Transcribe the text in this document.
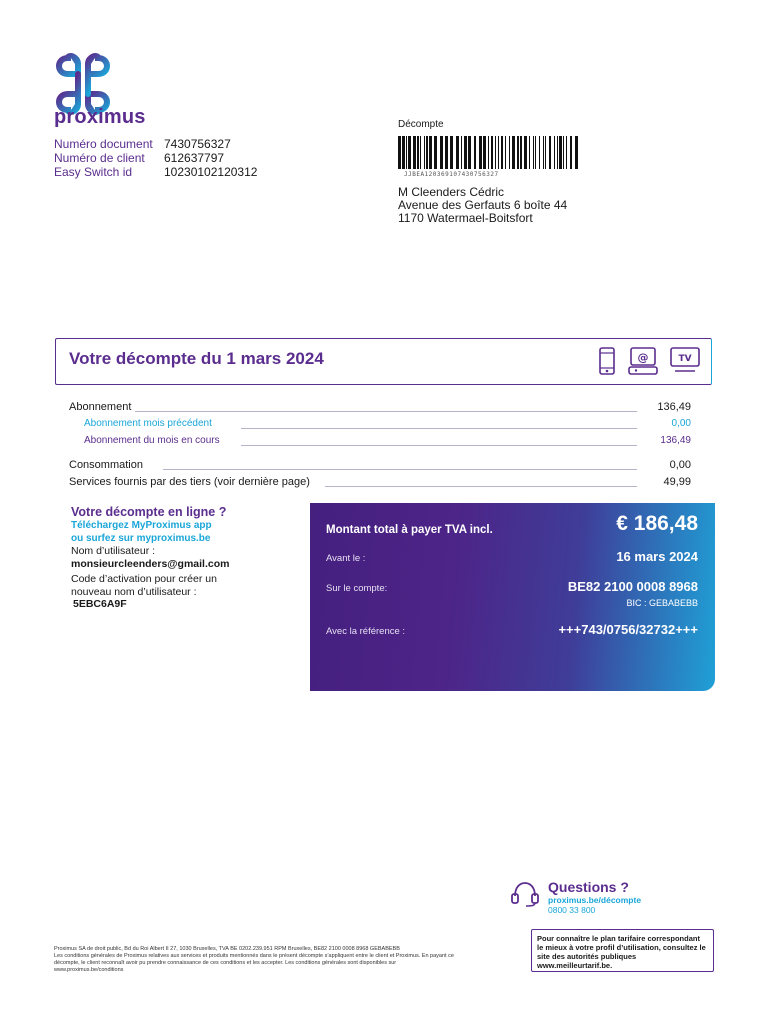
proximus
Numéro document 7430756327
Numéro de client	612637797
Easy Switch id	10230102120312
Décompte
JJBEA120369107430756327
M Cleenders Cédric
Avenue des Gerfauts 6 boîte 44
1170 Watermael-Boitsfort
Votre décompte du 1 mars 2024	@	TV
Abonnement	136,49
Abonnement mois précédent	0,00
Abonnement du mois en cours	136,49
Consommation	0,00
Services fournis par des tiers (voir dernière page)	49,99
Votre décompte en ligne ?
Téléchargez MyProximus app
ou surfez sur myproximus.be
Nom d’utilisateur :
monsieurcleenders@gmail.com
Code d’activation pour créer un
nouveau nom d’utilisateur :
5EBC6A9F
Montant total à payer TVA incl.	€ 186,48
Avant le :	16 mars 2024
Sur le compte:	BE82 2100 0008 8968
BIC : GEBABEBB
Avec la référence :	+++743/0756/32732+++
Questions ?
proximus.be/décompte
0800 33 800
Proximus SA de droit public, Bd du Roi Albert II 27, 1030 Bruxelles, TVA BE 0202.239.951 RPM Bruxelles, BE82 2100 0008 8968 GEBABEBB
Les conditions générales de Proximus relatives aux services et produits mentionnés dans le présent décompte s’appliquent entre le client et Proximus. En payant ce
décompte, le client reconnaît avoir pu prendre connaissance de ces conditions et les accepter. Les conditions générales sont disponibles sur
www.proximus.be/conditions
Pour connaître le plan tarifaire correspondant le mieux à votre profil d’utilisation, consultez le site des autorités publiques www.meilleurtarif.be.
